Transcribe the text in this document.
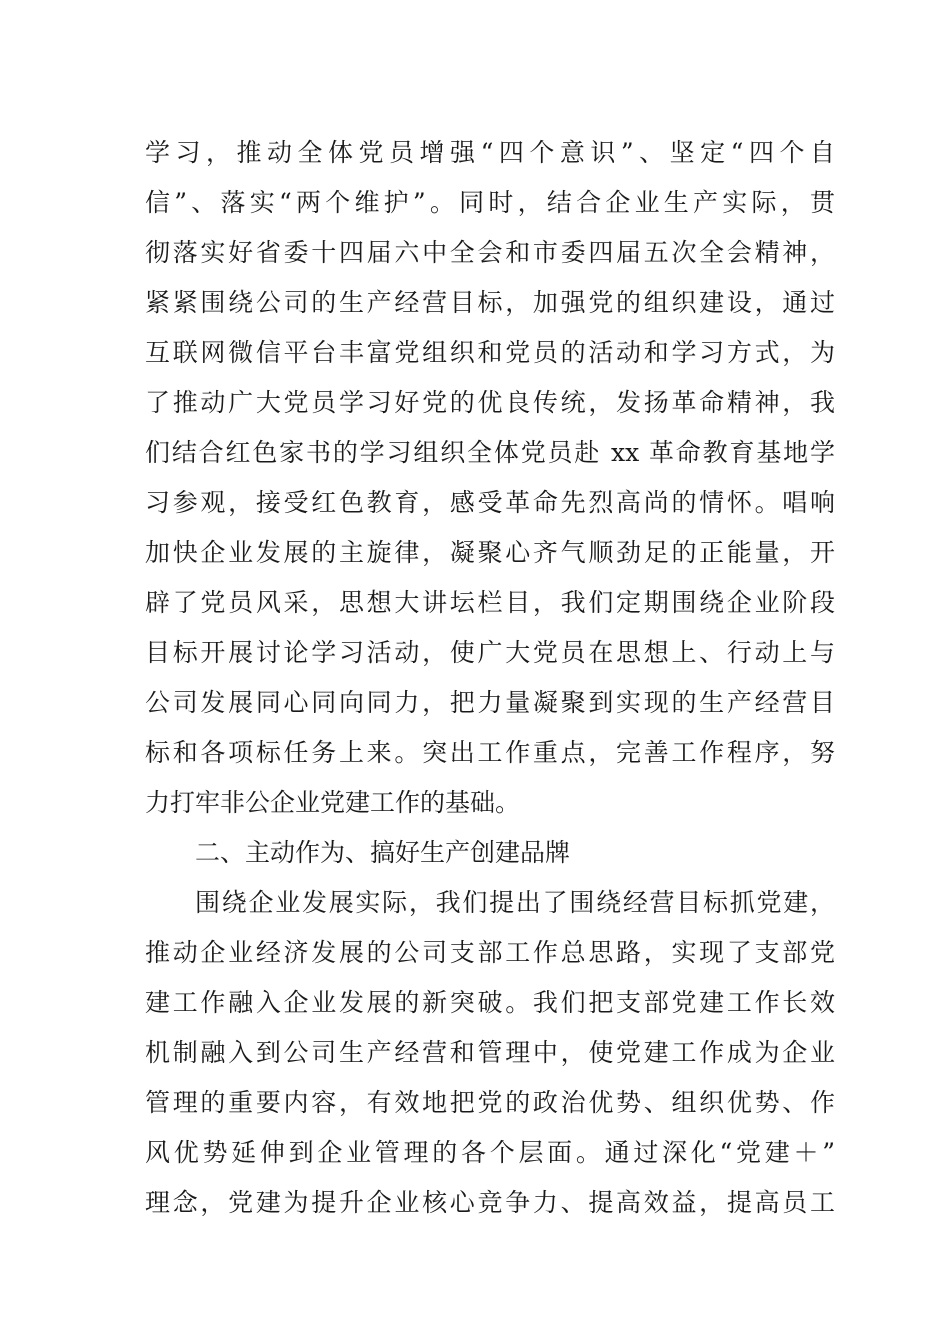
学习，推动全体党员增强“四个意识”、坚定“四个自
信”、落实“两个维护”。同时，结合企业生产实际，贯
彻落实好省委十四届六中全会和市委四届五次全会精神，
紧紧围绕公司的生产经营目标，加强党的组织建设，通过
互联网微信平台丰富党组织和党员的活动和学习方式，为
了推动广大党员学习好党的优良传统，发扬革命精神，我
们结合红色家书的学习组织全体党员赴 xx 革命教育基地学
习参观，接受红色教育，感受革命先烈高尚的情怀。唱响
加快企业发展的主旋律，凝聚心齐气顺劲足的正能量，开
辟了党员风采，思想大讲坛栏目，我们定期围绕企业阶段
目标开展讨论学习活动，使广大党员在思想上、行动上与
公司发展同心同向同力，把力量凝聚到实现的生产经营目
标和各项标任务上来。突出工作重点，完善工作程序，努
力打牢非公企业党建工作的基础。
二、主动作为、搞好生产创建品牌
围绕企业发展实际，我们提出了围绕经营目标抓党建，
推动企业经济发展的公司支部工作总思路，实现了支部党
建工作融入企业发展的新突破。我们把支部党建工作长效
机制融入到公司生产经营和管理中，使党建工作成为企业
管理的重要内容，有效地把党的政治优势、组织优势、作
风优势延伸到企业管理的各个层面。通过深化“党建＋”
理念，党建为提升企业核心竞争力、提高效益，提高员工
